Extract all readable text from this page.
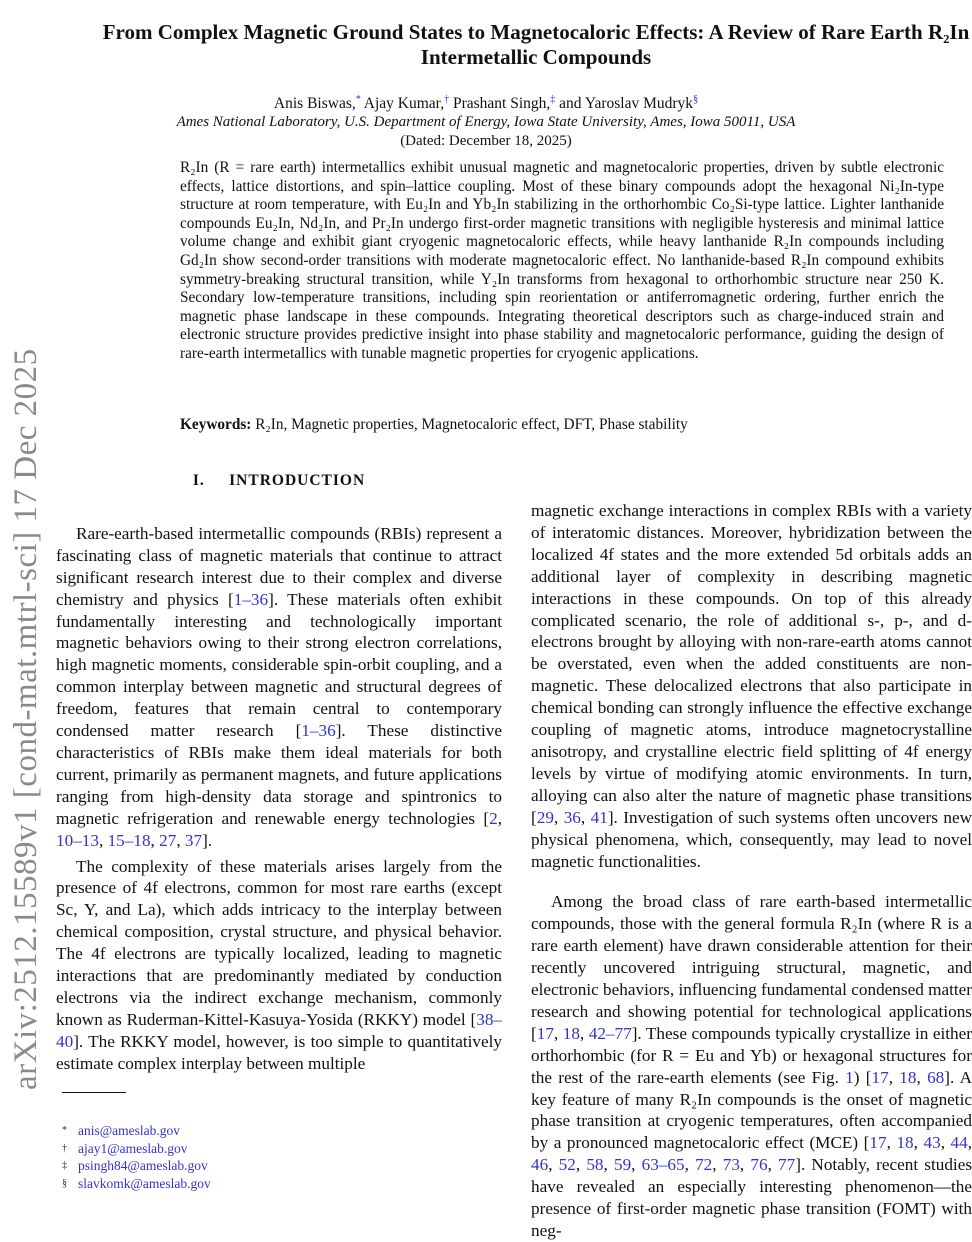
arXiv:2512.15589v1 [cond-mat.mtrl-sci] 17 Dec 2025
From Complex Magnetic Ground States to Magnetocaloric Effects: A Review of Rare Earth R₂In Intermetallic Compounds
Anis Biswas,* Ajay Kumar,† Prashant Singh,‡ and Yaroslav Mudryk§
Ames National Laboratory, U.S. Department of Energy, Iowa State University, Ames, Iowa 50011, USA
(Dated: December 18, 2025)
R₂In (R = rare earth) intermetallics exhibit unusual magnetic and magnetocaloric properties, driven by subtle electronic effects, lattice distortions, and spin–lattice coupling. Most of these binary compounds adopt the hexagonal Ni₂In-type structure at room temperature, with Eu₂In and Yb₂In stabilizing in the orthorhombic Co₂Si-type lattice. Lighter lanthanide compounds Eu₂In, Nd₂In, and Pr₂In undergo first-order magnetic transitions with negligible hysteresis and minimal lattice volume change and exhibit giant cryogenic magnetocaloric effects, while heavy lanthanide R₂In compounds including Gd₂In show second-order transitions with moderate magnetocaloric effect. No lanthanide-based R₂In compound exhibits symmetry-breaking structural transition, while Y₂In transforms from hexagonal to orthorhombic structure near 250 K. Secondary low-temperature transitions, including spin reorientation or antiferromagnetic ordering, further enrich the magnetic phase landscape in these compounds. Integrating theoretical descriptors such as charge-induced strain and electronic structure provides predictive insight into phase stability and magnetocaloric performance, guiding the design of rare-earth intermetallics with tunable magnetic properties for cryogenic applications.
Keywords: R₂In, Magnetic properties, Magnetocaloric effect, DFT, Phase stability
I.     INTRODUCTION

Rare-earth-based intermetallic compounds (RBIs) represent a fascinating class of magnetic materials that continue to attract significant research interest due to their complex and diverse chemistry and physics [1–36]. These materials often exhibit fundamentally interesting and technologically important magnetic behaviors owing to their strong electron correlations, high magnetic moments, considerable spin-orbit coupling, and a common interplay between magnetic and structural degrees of freedom, features that remain central to contemporary condensed matter research [1–36]. These distinctive characteristics of RBIs make them ideal materials for both current, primarily as permanent magnets, and future applications ranging from high-density data storage and spintronics to magnetic refrigeration and renewable energy technologies [2, 10–13, 15–18, 27, 37].

The complexity of these materials arises largely from the presence of 4f electrons, common for most rare earths (except Sc, Y, and La), which adds intricacy to the interplay between chemical composition, crystal structure, and physical behavior. The 4f electrons are typically localized, leading to magnetic interactions that are predominantly mediated by conduction electrons via the indirect exchange mechanism, commonly known as Ruderman-Kittel-Kasuya-Yosida (RKKY) model [38–40]. The RKKY model, however, is too simple to quantitatively estimate complex interplay between multiple

magnetic exchange interactions in complex RBIs with a variety of interatomic distances. Moreover, hybridization between the localized 4f states and the more extended 5d orbitals adds an additional layer of complexity in describing magnetic interactions in these compounds. On top of this already complicated scenario, the role of additional s-, p-, and d-electrons brought by alloying with non-rare-earth atoms cannot be overstated, even when the added constituents are non-magnetic. These delocalized electrons that also participate in chemical bonding can strongly influence the effective exchange coupling of magnetic atoms, introduce magnetocrystalline anisotropy, and crystalline electric field splitting of 4f energy levels by virtue of modifying atomic environments. In turn, alloying can also alter the nature of magnetic phase transitions [29, 36, 41]. Investigation of such systems often uncovers new physical phenomena, which, consequently, may lead to novel magnetic functionalities.

Among the broad class of rare earth-based intermetallic compounds, those with the general formula R₂In (where R is a rare earth element) have drawn considerable attention for their recently uncovered intriguing structural, magnetic, and electronic behaviors, influencing fundamental condensed matter research and showing potential for technological applications [17, 18, 42–77]. These compounds typically crystallize in either orthorhombic (for R = Eu and Yb) or hexagonal structures for the rest of the rare-earth elements (see Fig. 1) [17, 18, 68]. A key feature of many R₂In compounds is the onset of magnetic phase transition at cryogenic temperatures, often accompanied by a pronounced magnetocaloric effect (MCE) [17, 18, 43, 44, 46, 52, 58, 59, 63–65, 72, 73, 76, 77]. Notably, recent studies have revealed an especially interesting phenomenon—the presence of first-order magnetic phase transition (FOMT) with neg-

* anis@ameslab.gov
† ajay1@ameslab.gov
‡ psingh84@ameslab.gov
§ slavkomk@ameslab.gov
